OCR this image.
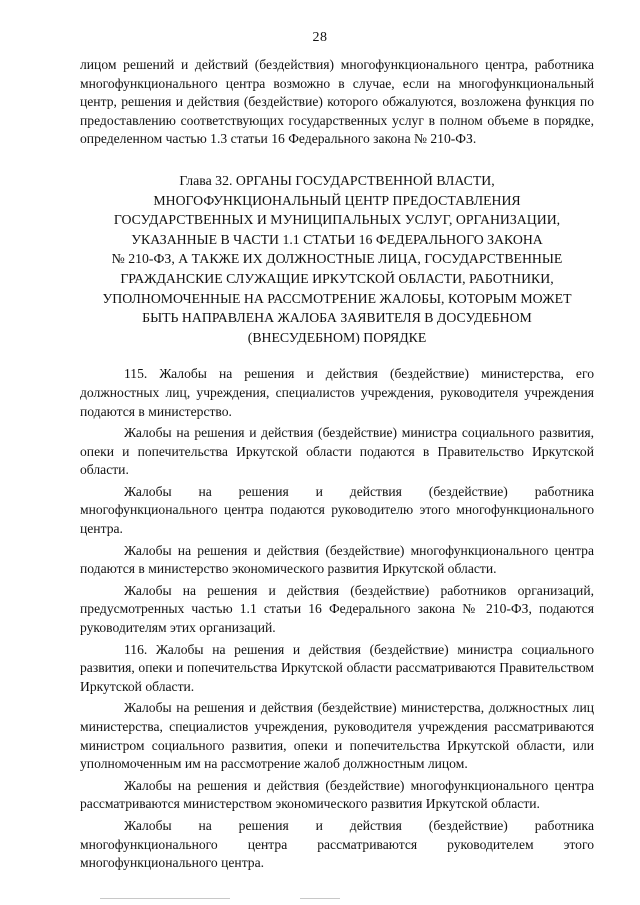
28

лицом решений и действий (бездействия) многофункционального центра, работника многофункционального центра возможно в случае, если на многофункциональный центр, решения и действия (бездействие) которого обжалуются, возложена функция по предоставлению соответствующих государственных услуг в полном объеме в порядке, определенном частью 1.3 статьи 16 Федерального закона № 210-ФЗ.

Глава 32. ОРГАНЫ ГОСУДАРСТВЕННОЙ ВЛАСТИ,
МНОГОФУНКЦИОНАЛЬНЫЙ ЦЕНТР ПРЕДОСТАВЛЕНИЯ
ГОСУДАРСТВЕННЫХ И МУНИЦИПАЛЬНЫХ УСЛУГ, ОРГАНИЗАЦИИ,
УКАЗАННЫЕ В ЧАСТИ 1.1 СТАТЬИ 16 ФЕДЕРАЛЬНОГО ЗАКОНА
№ 210-ФЗ, А ТАКЖЕ ИХ ДОЛЖНОСТНЫЕ ЛИЦА, ГОСУДАРСТВЕННЫЕ
ГРАЖДАНСКИЕ СЛУЖАЩИЕ ИРКУТСКОЙ ОБЛАСТИ, РАБОТНИКИ,
УПОЛНОМОЧЕННЫЕ НА РАССМОТРЕНИЕ ЖАЛОБЫ, КОТОРЫМ МОЖЕТ
БЫТЬ НАПРАВЛЕНА ЖАЛОБА ЗАЯВИТЕЛЯ В ДОСУДЕБНОМ
(ВНЕСУДЕБНОМ) ПОРЯДКЕ

115. Жалобы на решения и действия (бездействие) министерства, его должностных лиц, учреждения, специалистов учреждения, руководителя учреждения подаются в министерство.

Жалобы на решения и действия (бездействие) министра социального развития, опеки и попечительства Иркутской области подаются в Правительство Иркутской области.

Жалобы на решения и действия (бездействие) работника многофункционального центра подаются руководителю этого многофункционального центра.

Жалобы на решения и действия (бездействие) многофункционального центра подаются в министерство экономического развития Иркутской области.

Жалобы на решения и действия (бездействие) работников организаций, предусмотренных частью 1.1 статьи 16 Федерального закона № 210-ФЗ, подаются руководителям этих организаций.

116. Жалобы на решения и действия (бездействие) министра социального развития, опеки и попечительства Иркутской области рассматриваются Правительством Иркутской области.

Жалобы на решения и действия (бездействие) министерства, должностных лиц министерства, специалистов учреждения, руководителя учреждения рассматриваются министром социального развития, опеки и попечительства Иркутской области, или уполномоченным им на рассмотрение жалоб должностным лицом.

Жалобы на решения и действия (бездействие) многофункционального центра рассматриваются министерством экономического развития Иркутской области.

Жалобы на решения и действия (бездействие) работника многофункционального центра рассматриваются руководителем этого многофункционального центра.
